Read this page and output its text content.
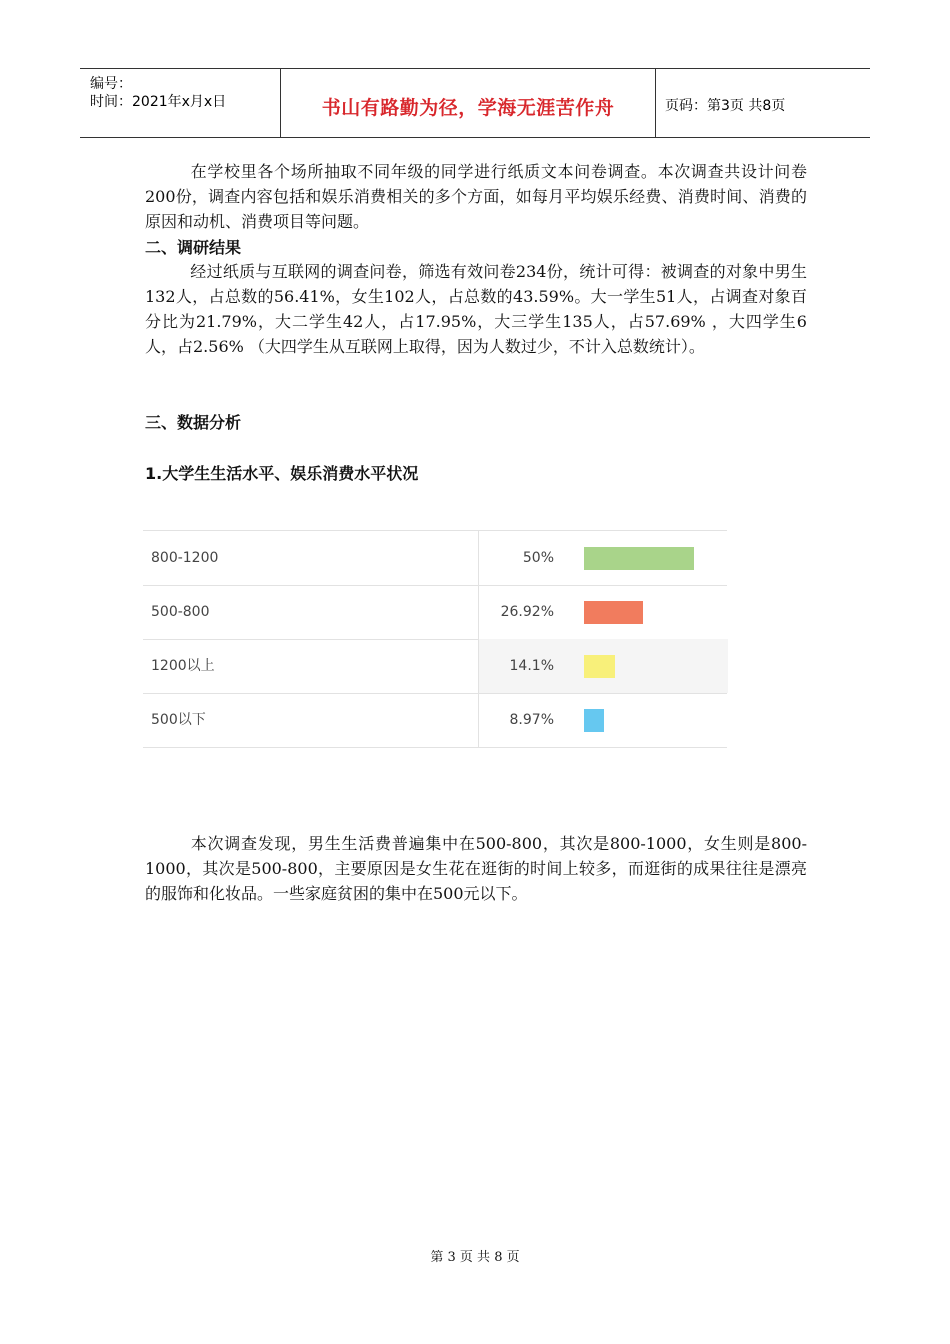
编号：
时间：2021年x月x日	书山有路勤为径，学海无涯苦作舟	页码：第3页 共8页

在学校里各个场所抽取不同年级的同学进行纸质文本问卷调查。本次调查共设计问卷200份，调查内容包括和娱乐消费相关的多个方面，如每月平均娱乐经费、消费时间、消费的原因和动机、消费项目等问题。

二、调研结果

经过纸质与互联网的调查问卷，筛选有效问卷234份，统计可得：被调查的对象中男生132人，占总数的56.41%，女生102人，占总数的43.59%。大一学生51人，占调查对象百分比为21.79%，大二学生42人，占17.95%，大三学生135人，占57.69% ，大四学生6人，占2.56% （大四学生从互联网上取得，因为人数过少，不计入总数统计）。

三、数据分析

1.大学生生活水平、娱乐消费水平状况

800-1200	50%
500-800	26.92%
1200以上	14.1%
500以下	8.97%

本次调查发现，男生生活费普遍集中在500-800，其次是800-1000，女生则是800-1000，其次是500-800，主要原因是女生花在逛街的时间上较多，而逛街的成果往往是漂亮的服饰和化妆品。一些家庭贫困的集中在500元以下。

第 3 页 共 8 页
